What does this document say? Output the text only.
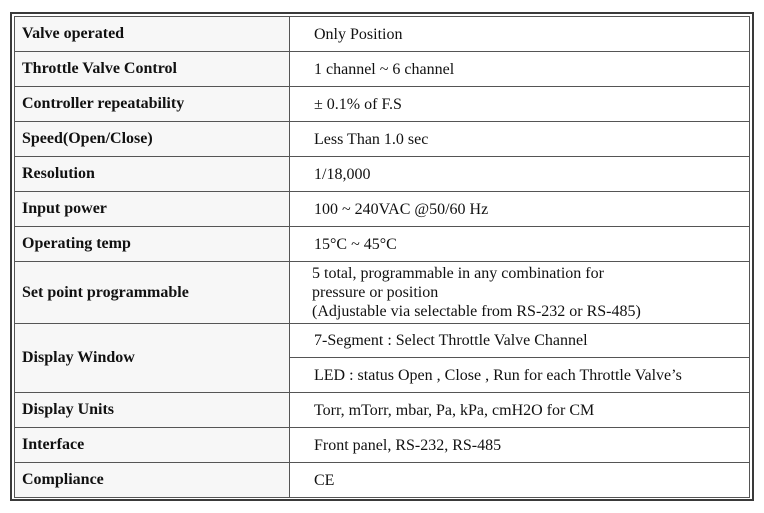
Valve operated	Only Position
Throttle Valve Control	1 channel ~ 6 channel
Controller repeatability	± 0.1% of F.S
Speed(Open/Close)	Less Than 1.0 sec
Resolution	1/18,000
Input power	100 ~ 240VAC @50/60 Hz
Operating temp	15°C ~ 45°C
Set point programmable	5 total, programmable in any combination for
pressure or position
(Adjustable via selectable from RS-232 or RS-485)

Display Window	7-Segment : Select Throttle Valve Channel
	LED : status Open , Close , Run for each Throttle Valve’s
Display Units	Torr, mTorr, mbar, Pa, kPa, cmH2O for CM
Interface	Front panel, RS-232, RS-485
Compliance	CE
